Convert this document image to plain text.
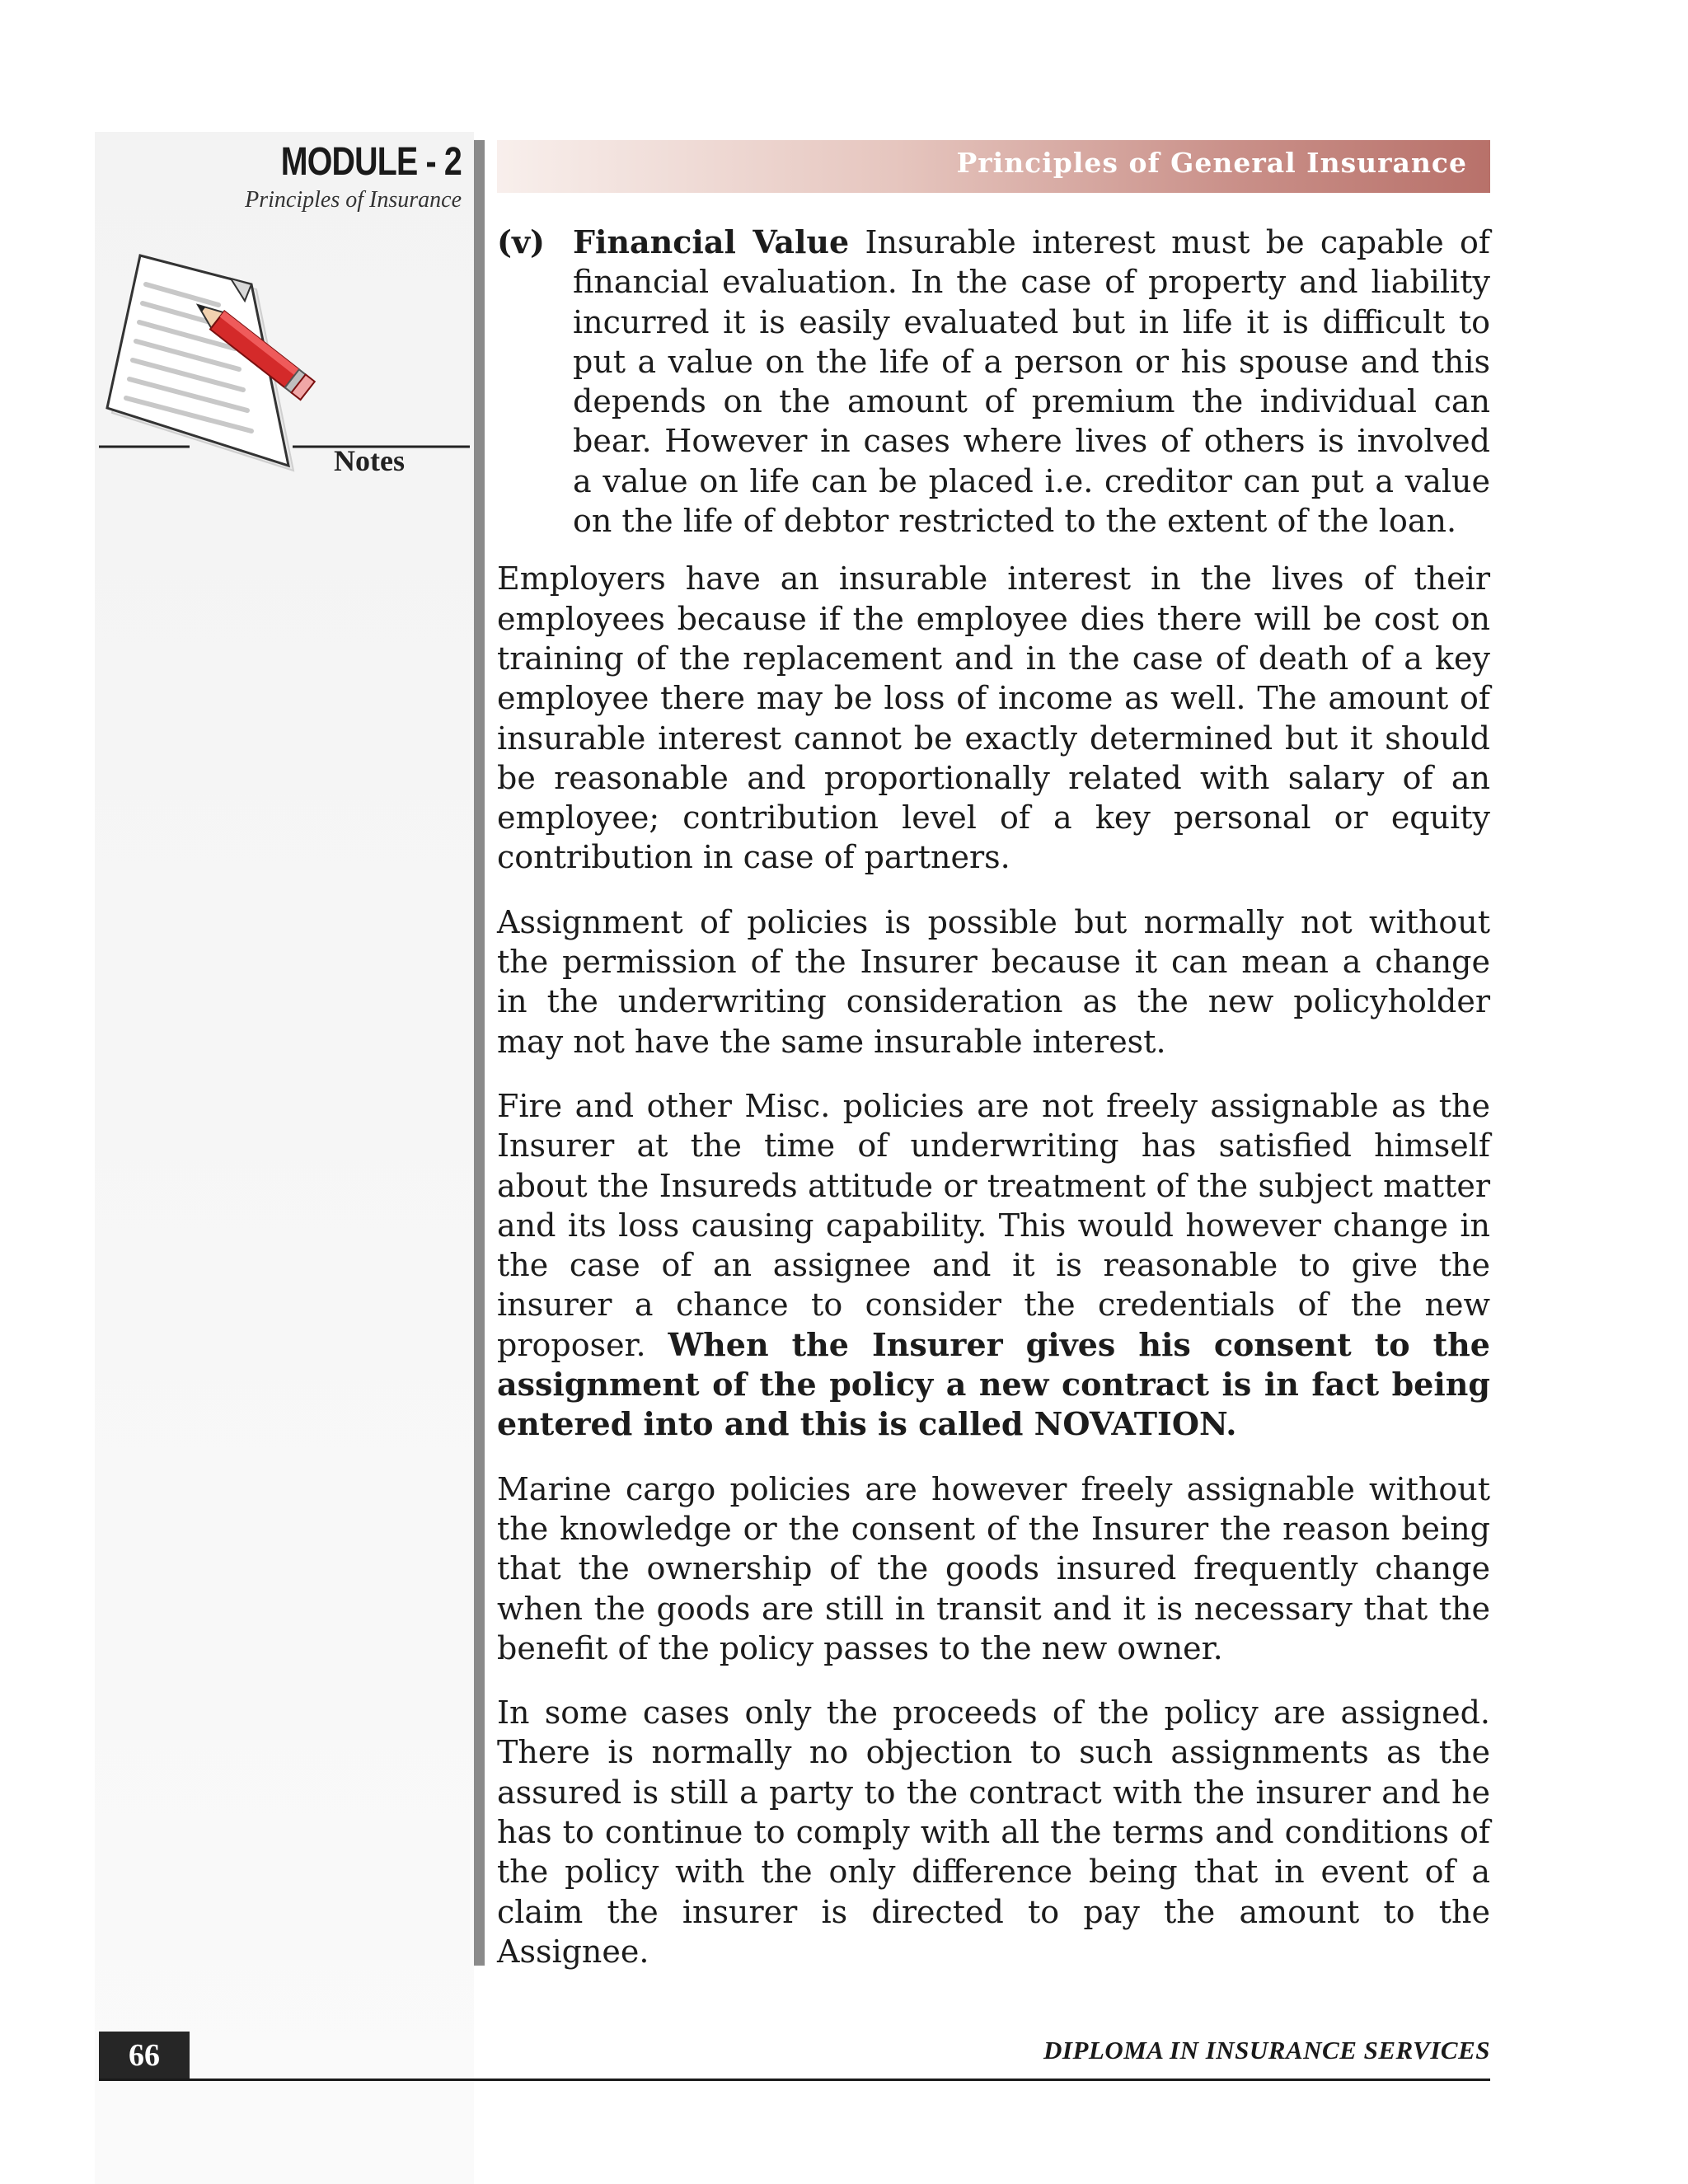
MODULE - 2
Principles of Insurance
Notes
Principles of General Insurance
(v) Financial Value Insurable interest must be capable of financial evaluation. In the case of property and liability incurred it is easily evaluated but in life it is difficult to put a value on the life of a person or his spouse and this depends on the amount of premium the individual can bear. However in cases where lives of others is involved a value on life can be placed i.e. creditor can put a value on the life of debtor restricted to the extent of the loan.

Employers have an insurable interest in the lives of their employees because if the employee dies there will be cost on training of the replacement and in the case of death of a key employee there may be loss of income as well. The amount of insurable interest cannot be exactly determined but it should be reasonable and proportionally related with salary of an employee; contribution level of a key personal or equity contribution in case of partners.

Assignment of policies is possible but normally not without the permission of the Insurer because it can mean a change in the underwriting consideration as the new policyholder may not have the same insurable interest.

Fire and other Misc. policies are not freely assignable as the Insurer at the time of underwriting has satisfied himself about the Insureds attitude or treatment of the subject matter and its loss causing capability. This would however change in the case of an assignee and it is reasonable to give the insurer a chance to consider the credentials of the new proposer. When the Insurer gives his consent to the assignment of the policy a new contract is in fact being entered into and this is called NOVATION.

Marine cargo policies are however freely assignable without the knowledge or the consent of the Insurer the reason being that the ownership of the goods insured frequently change when the goods are still in transit and it is necessary that the benefit of the policy passes to the new owner.

In some cases only the proceeds of the policy are assigned. There is normally no objection to such assignments as the assured is still a party to the contract with the insurer and he has to continue to comply with all the terms and conditions of the policy with the only difference being that in event of a claim the insurer is directed to pay the amount to the Assignee.

66	DIPLOMA IN INSURANCE SERVICES
